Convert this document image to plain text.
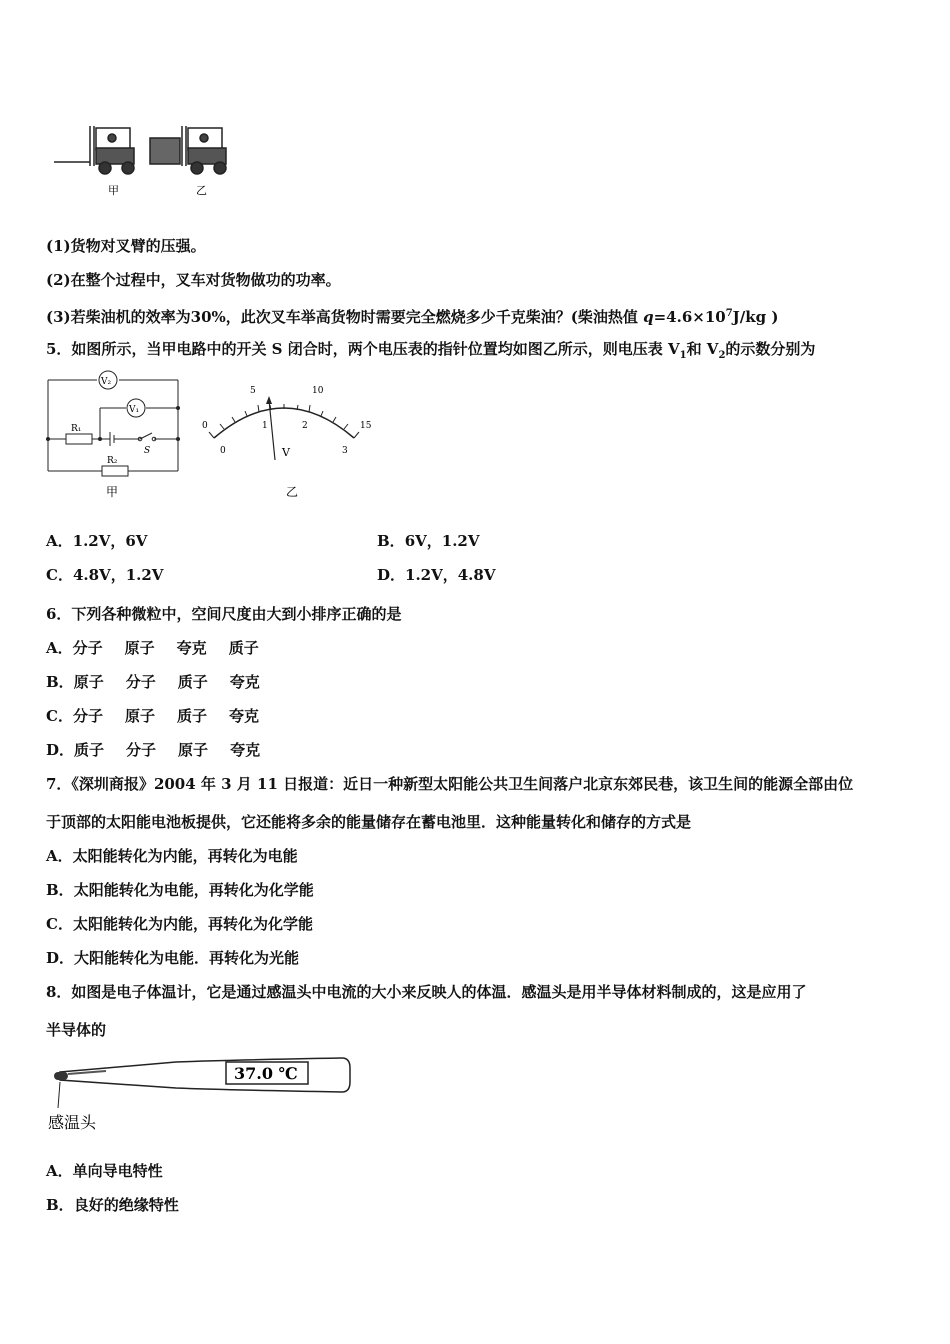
甲	乙
(1)货物对叉臂的压强。
(2)在整个过程中，叉车对货物做功的功率。
(3)若柴油机的效率为30%，此次叉车举高货物时需要完全燃烧多少千克柴油？(柴油热值 $q=4.6\times 10^7J/kg$ )
5．如图所示，当甲电路中的开关 S 闭合时，两个电压表的指针位置均如图乙所示，则电压表 $V_1$和 $V_2$的示数分别为
V₂
V₁
R₁
S
R₂
甲
0
5	10
15
0
1	2
3
V
乙
A．1.2V，6V	B．6V，1.2V
C．4.8V，1.2V	D．1.2V，4.8V
6．下列各种微粒中，空间尺度由大到小排序正确的是
A．分子 原子 夸克 质子
B．原子 分子 质子 夸克
C．分子 原子 质子 夸克
D．质子 分子 原子 夸克
7．《深圳商报》2004 年 3 月 11 日报道：近日一种新型太阳能公共卫生间落户北京东郊民巷，该卫生间的能源全部由位
于顶部的太阳能电池板提供，它还能将多余的能量储存在蓄电池里．这种能量转化和储存的方式是
A．太阳能转化为内能，再转化为电能
B．太阳能转化为电能，再转化为化学能
C．太阳能转化为内能，再转化为化学能
D．大阳能转化为电能．再转化为光能
8．如图是电子体温计，它是通过感温头中电流的大小来反映人的体温．感温头是用半导体材料制成的，这是应用了
半导体的
37.0 ℃
感温头
A．单向导电特性
B．良好的绝缘特性
